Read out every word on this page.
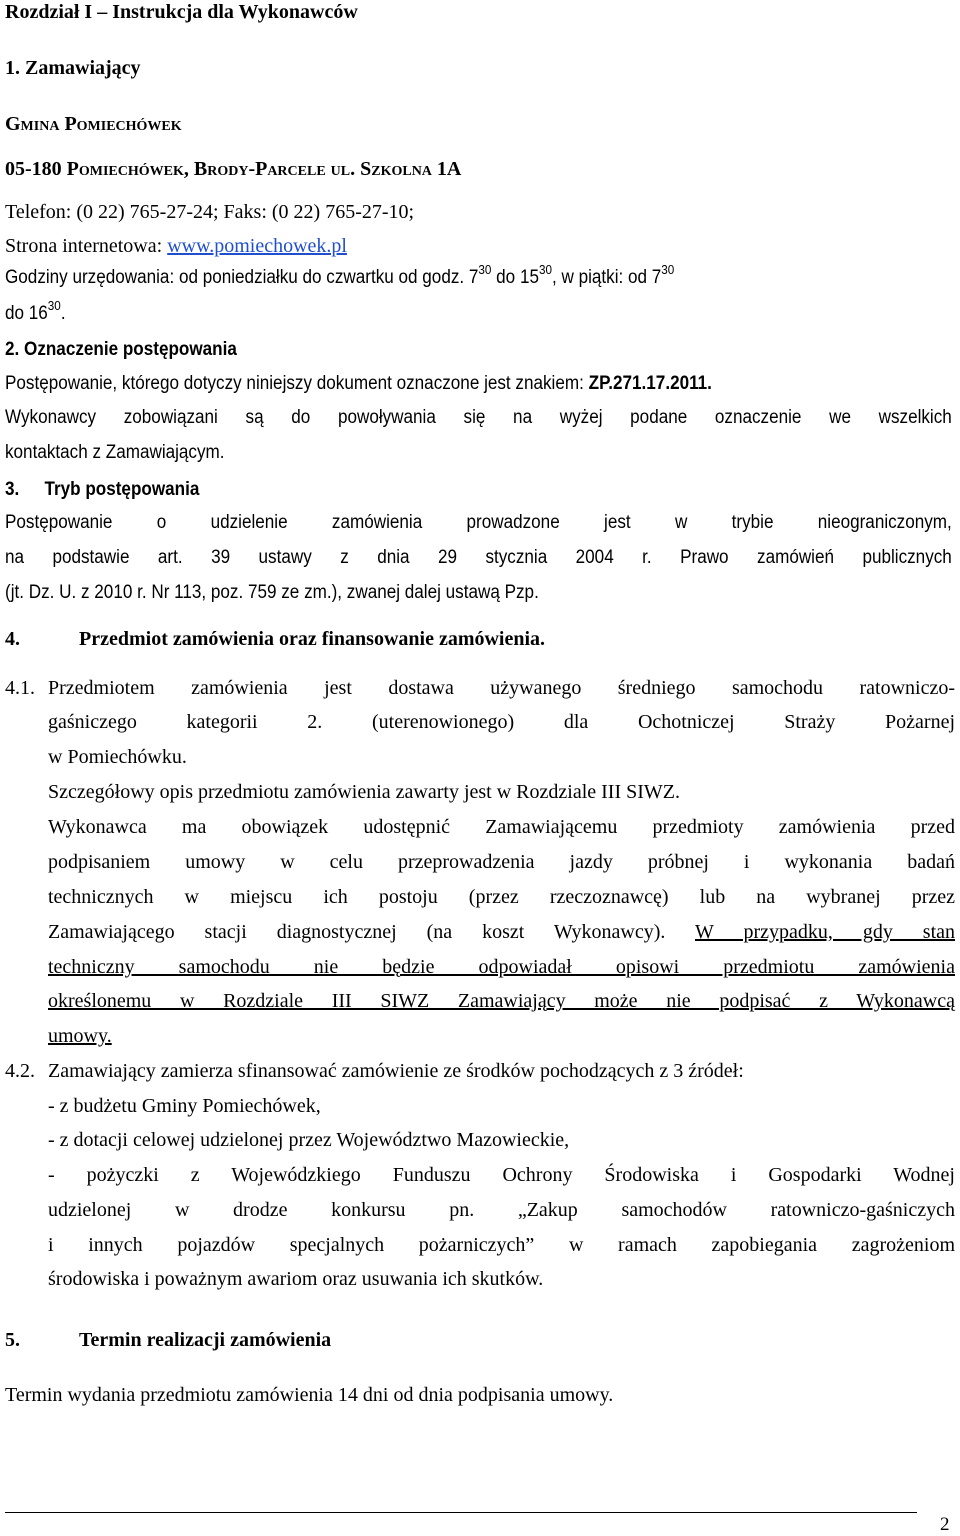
Rozdział I – Instrukcja dla Wykonawców
1. Zamawiający
Gmina Pomiechówek
05-180 Pomiechówek, Brody-Parcele ul. Szkolna 1A
Telefon: (0 22) 765-27-24; Faks: (0 22) 765-27-10;
Strona internetowa: www.pomiechowek.pl
Godziny urzędowania: od poniedziałku do czwartku od godz. $7^{30}$ do $15^{30}$, w piątki: od $7^{30}$
do $16^{30}$.
2. Oznaczenie postępowania
Postępowanie, którego dotyczy niniejszy dokument oznaczone jest znakiem: ZP.271.17.2011.
Wykonawcy zobowiązani są do powoływania się na wyżej podane oznaczenie we wszelkich
kontaktach z Zamawiającym.
3. Tryb postępowania
Postępowanie o udzielenie zamówienia prowadzone jest w trybie nieograniczonym,
na podstawie art. 39 ustawy z dnia 29 stycznia 2004 r. Prawo zamówień publicznych
(jt. Dz. U. z 2010 r. Nr 113, poz. 759 ze zm.), zwanej dalej ustawą Pzp.
4.	Przedmiot zamówienia oraz finansowanie zamówienia.
4.1. Przedmiotem zamówienia jest dostawa używanego średniego samochodu ratowniczo-
gaśniczego kategorii 2. (uterenowionego) dla Ochotniczej Straży Pożarnej
w Pomiechówku.
Szczegółowy opis przedmiotu zamówienia zawarty jest w Rozdziale III SIWZ.
Wykonawca ma obowiązek udostępnić Zamawiającemu przedmioty zamówienia przed
podpisaniem umowy w celu przeprowadzenia jazdy próbnej i wykonania badań
technicznych w miejscu ich postoju (przez rzeczoznawcę) lub na wybranej przez
Zamawiającego stacji diagnostycznej (na koszt Wykonawcy). W przypadku, gdy stan
techniczny samochodu nie będzie odpowiadał opisowi przedmiotu zamówienia
określonemu w Rozdziale III SIWZ Zamawiający może nie podpisać z Wykonawcą
umowy.
4.2. Zamawiający zamierza sfinansować zamówienie ze środków pochodzących z 3 źródeł:
- z budżetu Gminy Pomiechówek,
- z dotacji celowej udzielonej przez Województwo Mazowieckie,
- pożyczki z Wojewódzkiego Funduszu Ochrony Środowiska i Gospodarki Wodnej
udzielonej w drodze konkursu pn. „Zakup samochodów ratowniczo-gaśniczych
i innych pojazdów specjalnych pożarniczych” w ramach zapobiegania zagrożeniom
środowiska i poważnym awariom oraz usuwania ich skutków.
5.	Termin realizacji zamówienia
Termin wydania przedmiotu zamówienia 14 dni od dnia podpisania umowy.
2
